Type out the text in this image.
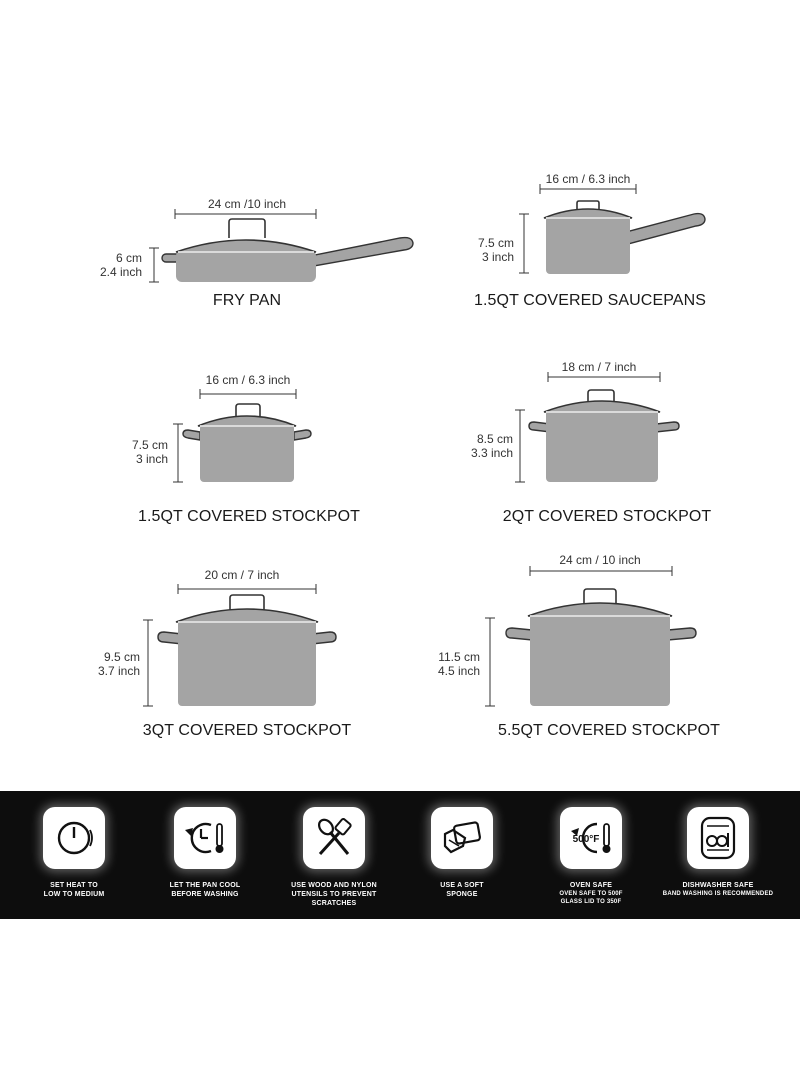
24 cm /10 inch
6 cm
2.4 inch
FRY PAN
16 cm / 6.3 inch
7.5 cm
3 inch
1.5QT COVERED SAUCEPANS
16 cm / 6.3 inch
7.5 cm
3 inch
1.5QT COVERED STOCKPOT
18 cm / 7 inch
8.5 cm
3.3 inch
2QT COVERED STOCKPOT
20 cm / 7 inch
9.5 cm
3.7 inch
3QT COVERED STOCKPOT
24 cm / 10 inch
11.5 cm
4.5 inch
5.5QT COVERED STOCKPOT
SET HEAT TO
LOW TO MEDIUM
LET THE PAN COOL
BEFORE WASHING
USE WOOD AND NYLON
UTENSILS TO PREVENT SCRATCHES
USE A SOFT
SPONGE
500°F
OVEN SAFE
OVEN SAFE TO 500F
GLASS LID TO 350F
DISHWASHER SAFE
BAND WASHING IS RECOMMENDED
